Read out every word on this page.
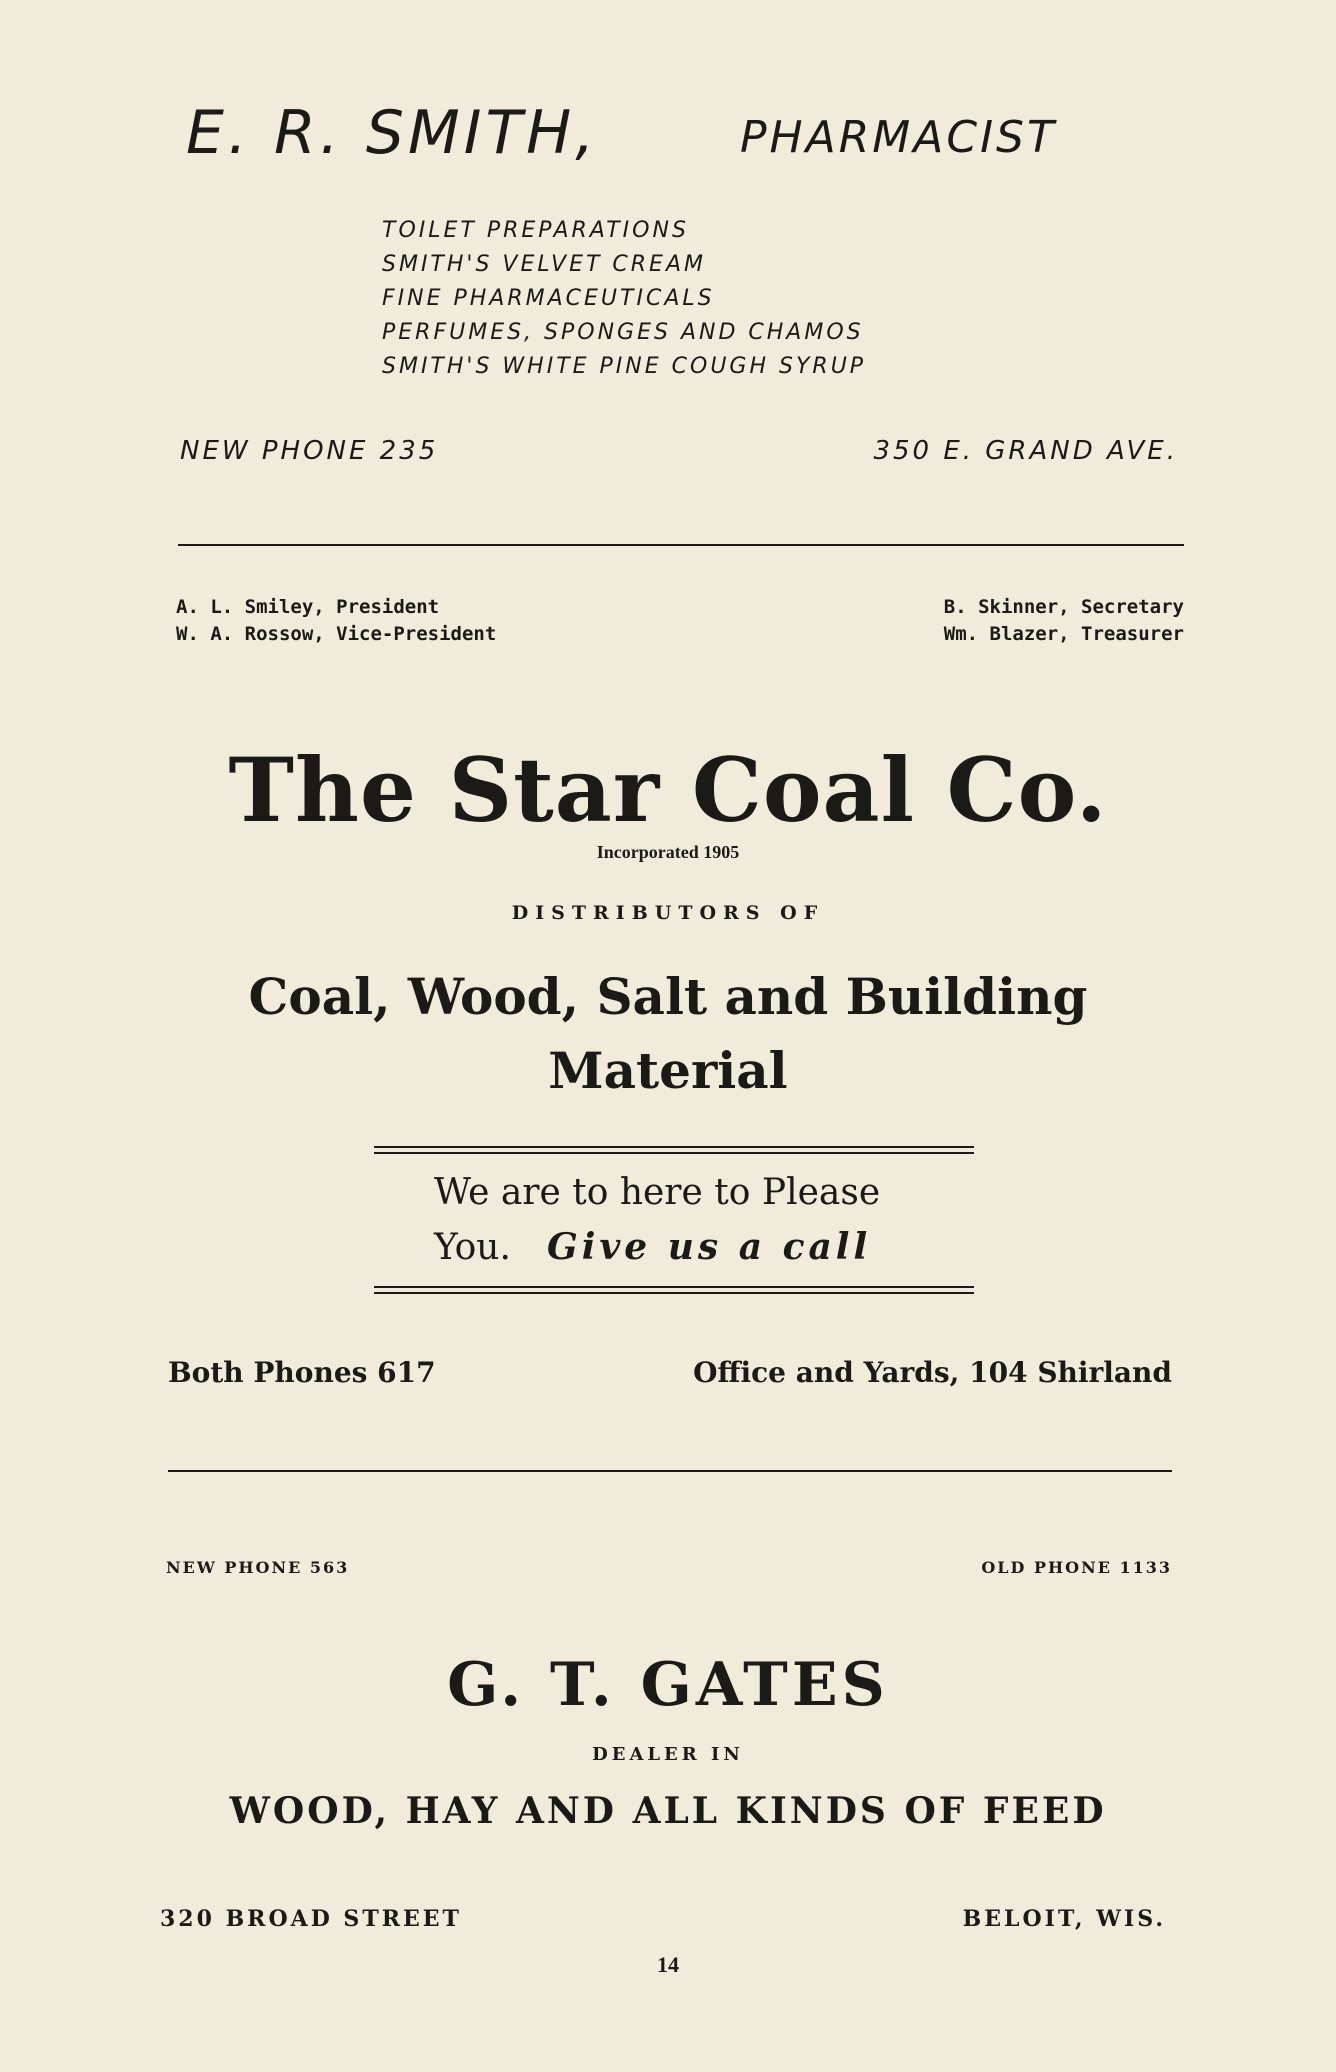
E. R. SMITH,	PHARMACIST
TOILET PREPARATIONS
SMITH'S VELVET CREAM
FINE PHARMACEUTICALS
PERFUMES, SPONGES AND CHAMOS
SMITH'S WHITE PINE COUGH SYRUP
NEW PHONE 235	350 E. GRAND AVE.
A. L. Smiley, President
W. A. Rossow, Vice-President
B. Skinner, Secretary
Wm. Blazer, Treasurer
The Star Coal Co.
Incorporated 1905
DISTRIBUTORS OF
Coal, Wood, Salt and Building Material
We are to here to Please
You. Give us a call
Both Phones 617	Office and Yards, 104 Shirland
NEW PHONE 563	OLD PHONE 1133
G. T. GATES
DEALER IN
WOOD, HAY AND ALL KINDS OF FEED
320 BROAD STREET	BELOIT, WIS.
14
